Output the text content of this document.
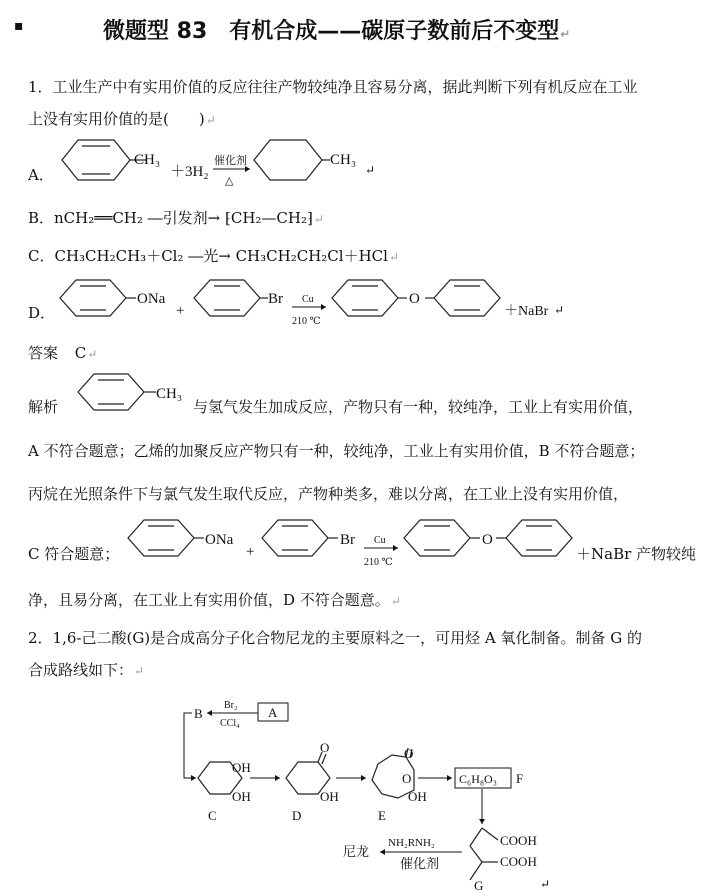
▪	微题型 83　有机合成——碳原子数前后不变型↵
1．工业生产中有实用价值的反应往往产物较纯净且容易分离，据此判断下列有机反应在工业
上没有实用价值的是(　　)↵
A．
CH₃
＋3H₂
催化剂
△
CH₃
↵
B．nCH₂══CH₂ ―引发剂→ ⁅CH₂—CH₂⁆↵
C．CH₃CH₂CH₃＋Cl₂ ―光→ CH₃CH₂CH₂Cl＋HCl↵
D．
ONa
+
Br Cu
210 ℃
O
＋NaBr ↵
答案 C↵
解析
CH₃
与氢气发生加成反应，产物只有一种，较纯净，工业上有实用价值，
A 不符合题意；乙烯的加聚反应产物只有一种，较纯净，工业上有实用价值，B 不符合题意；
丙烷在光照条件下与氯气发生取代反应，产物种类多，难以分离，在工业上没有实用价值，
C 符合题意；
ONa
+
Br Cu
210 ℃
O
＋NaBr 产物较纯
净，且易分离，在工业上有实用价值，D 不符合题意。↵
2．1,6-己二酸(G)是合成高分子化合物尼龙的主要原料之一，可用烃 A 氧化制备。制备 G 的
合成路线如下：↵
B
Br₂
CCl₄
A
OH
OH
C
O
OH
D
O
O
OH
E
C₆H₈O₃ F
COOH
COOH
G
NH₂RNH₂
催化剂
尼龙
↵
